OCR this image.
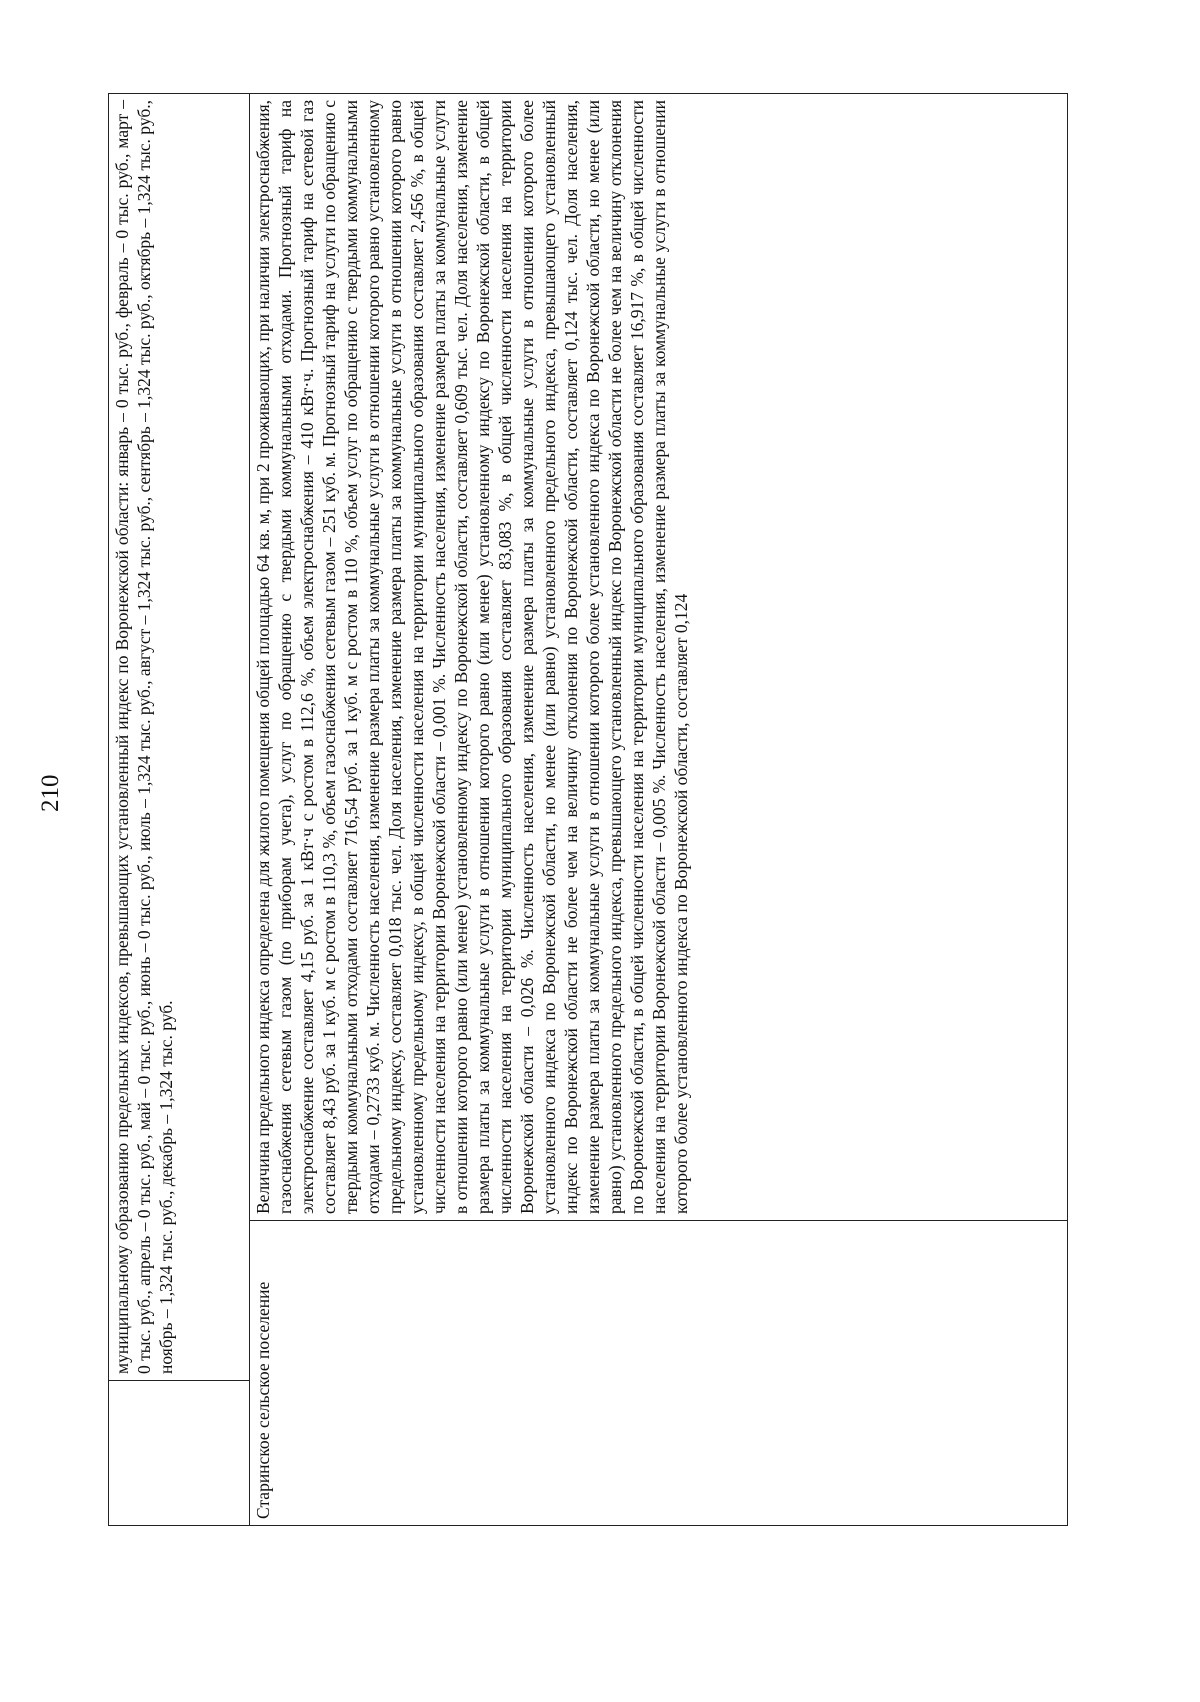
210

	муниципальному образованию предельных индексов, превышающих установленный индекс по Воронежской области: январь – 0 тыс. руб., февраль – 0 тыс. руб., март – 0 тыс. руб., апрель – 0 тыс. руб., май – 0 тыс. руб., июнь – 0 тыс. руб., июль – 1,324 тыс. руб., август – 1,324 тыс. руб., сентябрь – 1,324 тыс. руб., октябрь – 1,324 тыс. руб., ноябрь – 1,324 тыс. руб., декабрь – 1,324 тыс. руб.	

Старинское сельское поселение		Величина предельного индекса определена для жилого помещения общей площадью 64 кв. м, при 2 проживающих, при наличии электроснабжения, газоснабжения сетевым газом (по приборам учета), услуг по обращению с твердыми коммунальными отходами. Прогнозный тариф на электроснабжение составляет 4,15 руб. за 1 кВт·ч с ростом в 112,6 %, объем электроснабжения – 410 кВт·ч. Прогнозный тариф на сетевой газ составляет 8,43 руб. за 1 куб. м с ростом в 110,3 %, объем газоснабжения сетевым газом – 251 куб. м. Прогнозный тариф на услуги по обращению с твердыми коммунальными отходами составляет 716,54 руб. за 1 куб. м с ростом в 110 %, объем услуг по обращению с твердыми коммунальными отходами – 0,2733 куб. м. Численность населения, изменение размера платы за коммунальные услуги в отношении которого равно установленному предельному индексу, составляет 0,018 тыс. чел. Доля населения, изменение размера платы за коммунальные услуги в отношении которого равно установленному предельному индексу, в общей численности населения на территории муниципального образования составляет 2,456 %, в общей численности населения на территории Воронежской области – 0,001 %. Численность населения, изменение размера платы за коммунальные услуги в отношении которого равно (или менее) установленному индексу по Воронежской области, составляет 0,609 тыс. чел. Доля населения, изменение размера платы за коммунальные услуги в отношении которого равно (или менее) установленному индексу по Воронежской области, в общей численности населения на территории муниципального образования составляет 83,083 %, в общей численности населения на территории Воронежской области – 0,026 %. Численность населения, изменение размера платы за коммунальные услуги в отношении которого более установленного индекса по Воронежской области, но менее (или равно) установленного предельного индекса, превышающего установленный индекс по Воронежской области не более чем на величину отклонения по Воронежской области, составляет 0,124 тыс. чел. Доля населения, изменение размера платы за коммунальные услуги в отношении которого более установленного индекса по Воронежской области, но менее (или равно) установленного предельного индекса, превышающего установленный индекс по Воронежской области не более чем на величину отклонения по Воронежской области, в общей численности населения на территории муниципального образования составляет 16,917 %, в общей численности населения на территории Воронежской области – 0,005 %. Численность населения, изменение размера платы за коммунальные услуги в отношении которого более установленного индекса по Воронежской области, составляет 0,124
